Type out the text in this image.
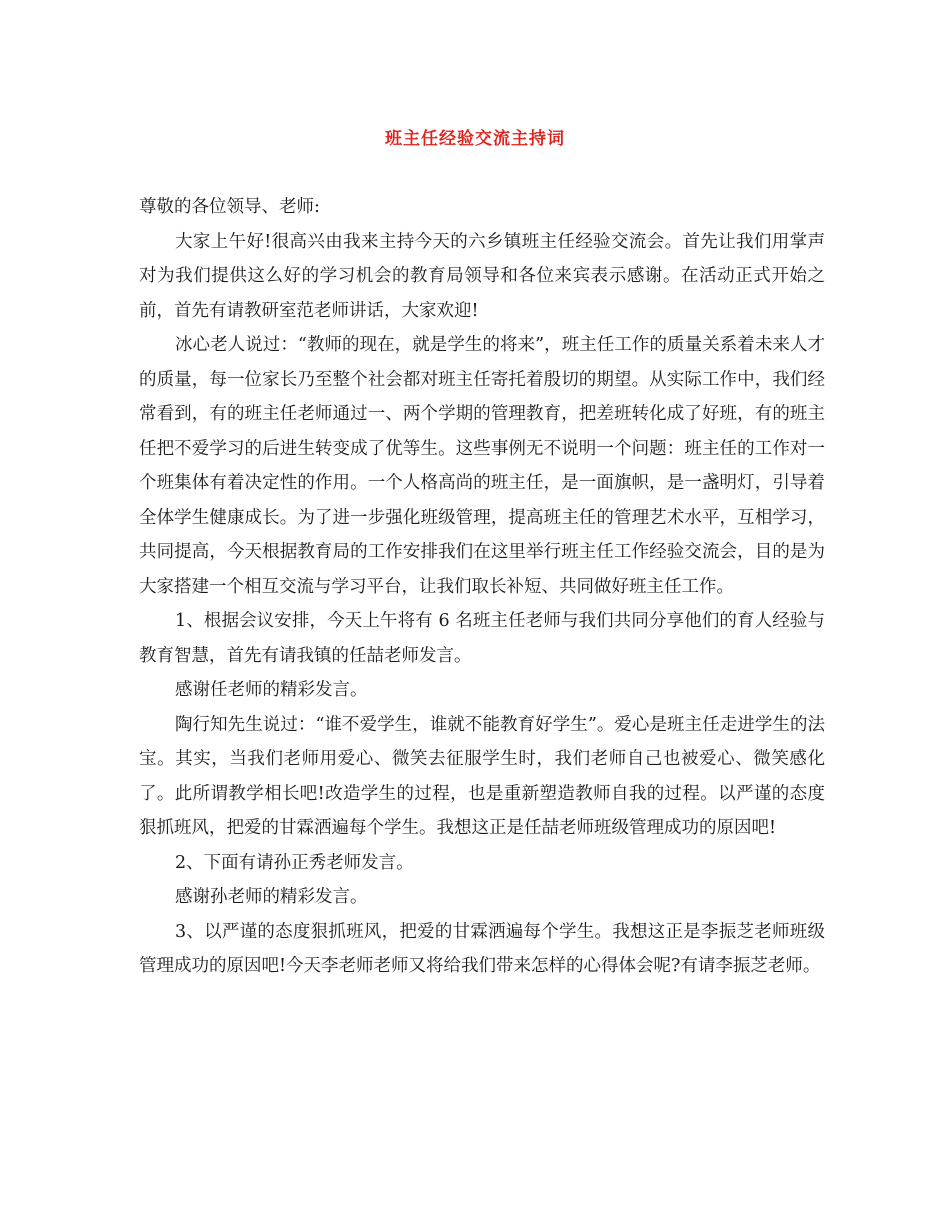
班主任经验交流主持词

尊敬的各位领导、老师:

大家上午好!很高兴由我来主持今天的六乡镇班主任经验交流会。首先让我们用掌声对为我们提供这么好的学习机会的教育局领导和各位来宾表示感谢。在活动正式开始之前，首先有请教研室范老师讲话，大家欢迎!

冰心老人说过：“教师的现在，就是学生的将来”，班主任工作的质量关系着未来人才的质量，每一位家长乃至整个社会都对班主任寄托着殷切的期望。从实际工作中，我们经常看到，有的班主任老师通过一、两个学期的管理教育，把差班转化成了好班，有的班主任把不爱学习的后进生转变成了优等生。这些事例无不说明一个问题：班主任的工作对一个班集体有着决定性的作用。一个人格高尚的班主任，是一面旗帜，是一盏明灯，引导着全体学生健康成长。为了进一步强化班级管理，提高班主任的管理艺术水平，互相学习，共同提高，今天根据教育局的工作安排我们在这里举行班主任工作经验交流会，目的是为大家搭建一个相互交流与学习平台，让我们取长补短、共同做好班主任工作。

1、根据会议安排，今天上午将有 6 名班主任老师与我们共同分享他们的育人经验与教育智慧，首先有请我镇的任喆老师发言。

感谢任老师的精彩发言。

陶行知先生说过：“谁不爱学生，谁就不能教育好学生”。爱心是班主任走进学生的法宝。其实，当我们老师用爱心、微笑去征服学生时，我们老师自己也被爱心、微笑感化了。此所谓教学相长吧!改造学生的过程，也是重新塑造教师自我的过程。以严谨的态度狠抓班风，把爱的甘霖洒遍每个学生。我想这正是任喆老师班级管理成功的原因吧!

2、下面有请孙正秀老师发言。

感谢孙老师的精彩发言。

3、以严谨的态度狠抓班风，把爱的甘霖洒遍每个学生。我想这正是李振芝老师班级管理成功的原因吧!今天李老师老师又将给我们带来怎样的心得体会呢?有请李振芝老师。
